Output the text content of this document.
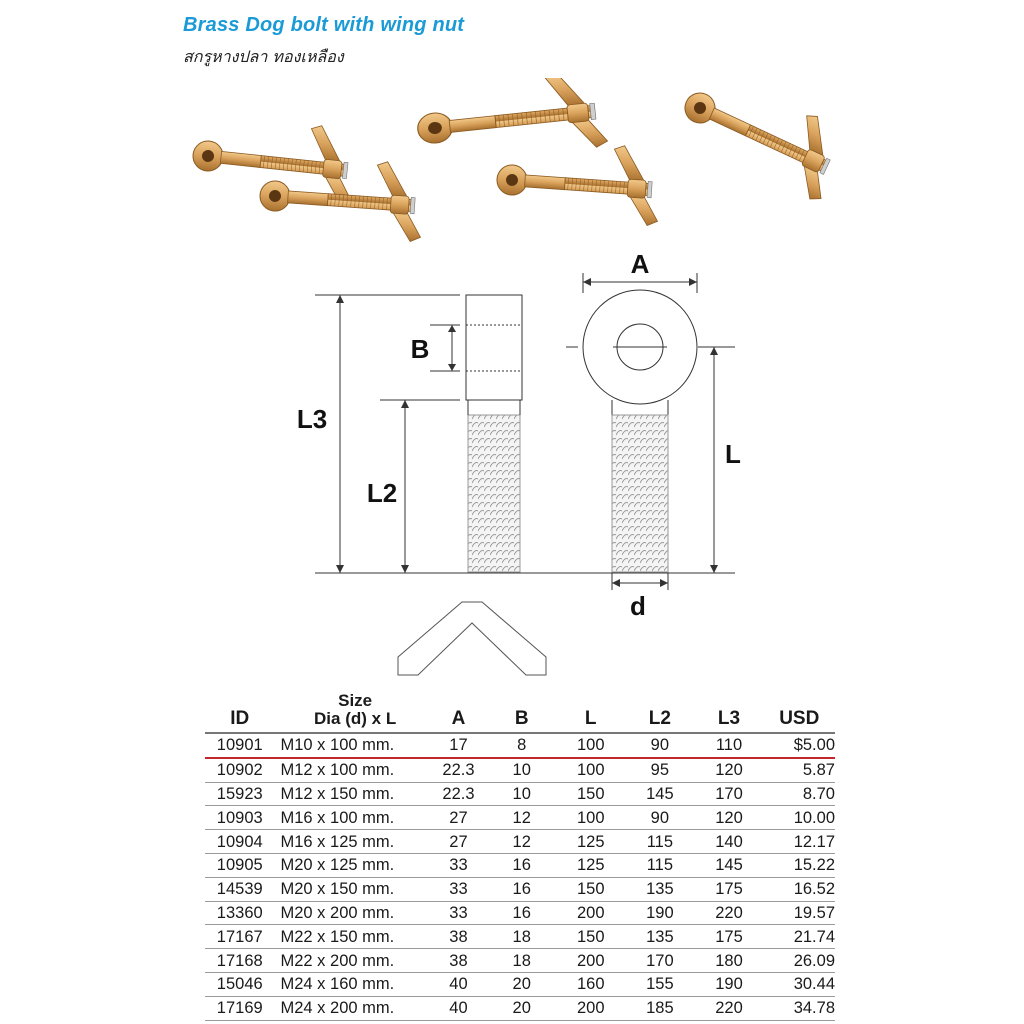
Brass Dog bolt with wing nut
สกรูหางปลา ทองเหลือง
A
B
L3
L2
L
d
ID	Size
Dia (d) x L	A	B	L	L2	L3	USD
10901	M10 x 100 mm.	17	8	100	90	110	$5.00
10902	M12 x 100 mm.	22.3	10	100	95	120	5.87
15923	M12 x 150 mm.	22.3	10	150	145	170	8.70
10903	M16 x 100 mm.	27	12	100	90	120	10.00
10904	M16 x 125 mm.	27	12	125	115	140	12.17
10905	M20 x 125 mm.	33	16	125	115	145	15.22
14539	M20 x 150 mm.	33	16	150	135	175	16.52
13360	M20 x 200 mm.	33	16	200	190	220	19.57
17167	M22 x 150 mm.	38	18	150	135	175	21.74
17168	M22 x 200 mm.	38	18	200	170	180	26.09
15046	M24 x 160 mm.	40	20	160	155	190	30.44
17169	M24 x 200 mm.	40	20	200	185	220	34.78
